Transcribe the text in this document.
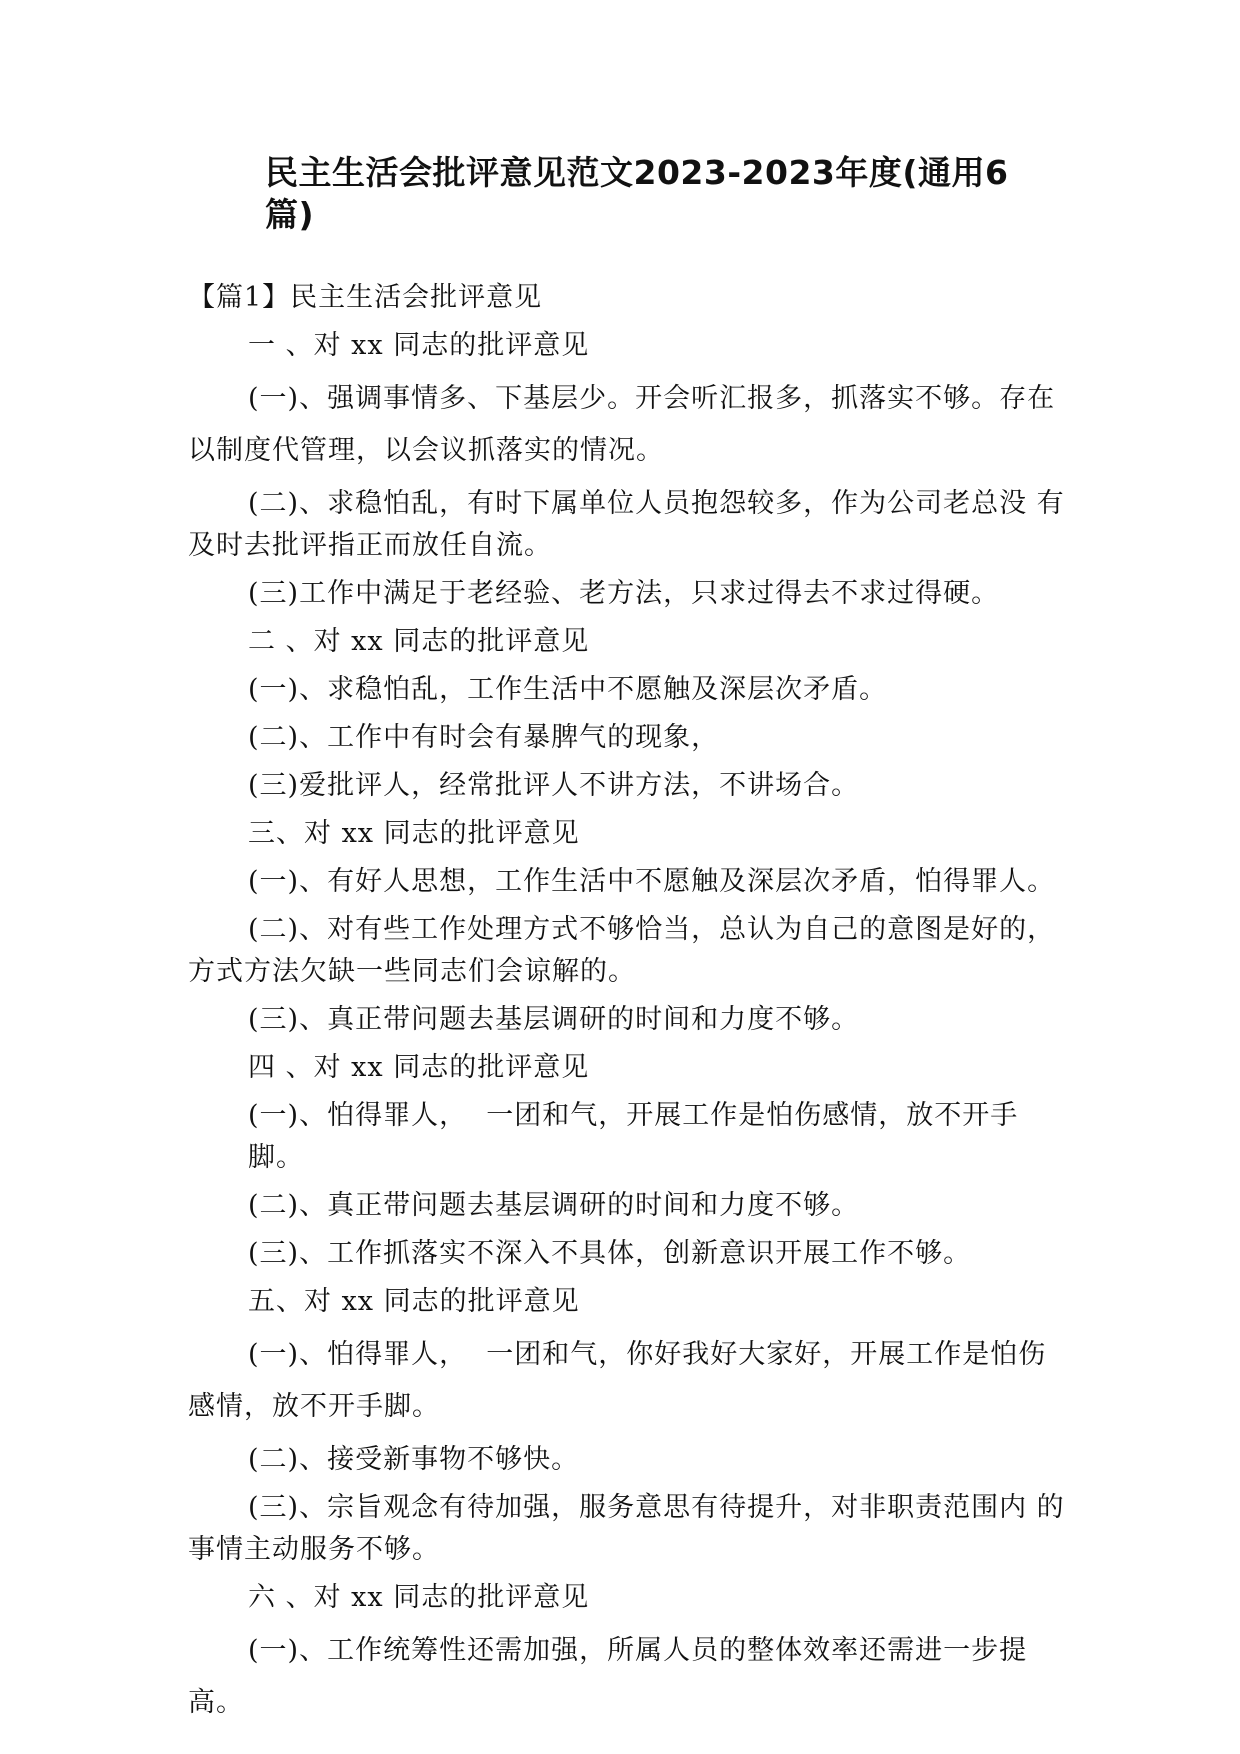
民主生活会批评意见范文2023-2023年度(通用6篇)

【篇1】民主生活会批评意见

一 、对 xx 同志的批评意见

(一)、强调事情多、下基层少。开会听汇报多，抓落实不够。存在以制度代管理，以会议抓落实的情况。

(二)、求稳怕乱，有时下属单位人员抱怨较多，作为公司老总没 有及时去批评指正而放任自流。

(三)工作中满足于老经验、老方法，只求过得去不求过得硬。

二 、对 xx 同志的批评意见

(一)、求稳怕乱，工作生活中不愿触及深层次矛盾。

(二)、工作中有时会有暴脾气的现象，

(三)爱批评人，经常批评人不讲方法，不讲场合。

三、对 xx 同志的批评意见

(一)、有好人思想，工作生活中不愿触及深层次矛盾，怕得罪人。

(二)、对有些工作处理方式不够恰当，总认为自己的意图是好的，  方式方法欠缺一些同志们会谅解的。

(三)、真正带问题去基层调研的时间和力度不够。

四 、对 xx 同志的批评意见

(一)、怕得罪人，  一团和气，开展工作是怕伤感情，放不开手脚。

(二)、真正带问题去基层调研的时间和力度不够。

(三)、工作抓落实不深入不具体，创新意识开展工作不够。

五、对 xx 同志的批评意见

(一)、怕得罪人，  一团和气，你好我好大家好，开展工作是怕伤感情，放不开手脚。

(二)、接受新事物不够快。

(三)、宗旨观念有待加强，服务意思有待提升，对非职责范围内 的事情主动服务不够。

六 、对 xx 同志的批评意见

(一)、工作统筹性还需加强，所属人员的整体效率还需进一步提高。
